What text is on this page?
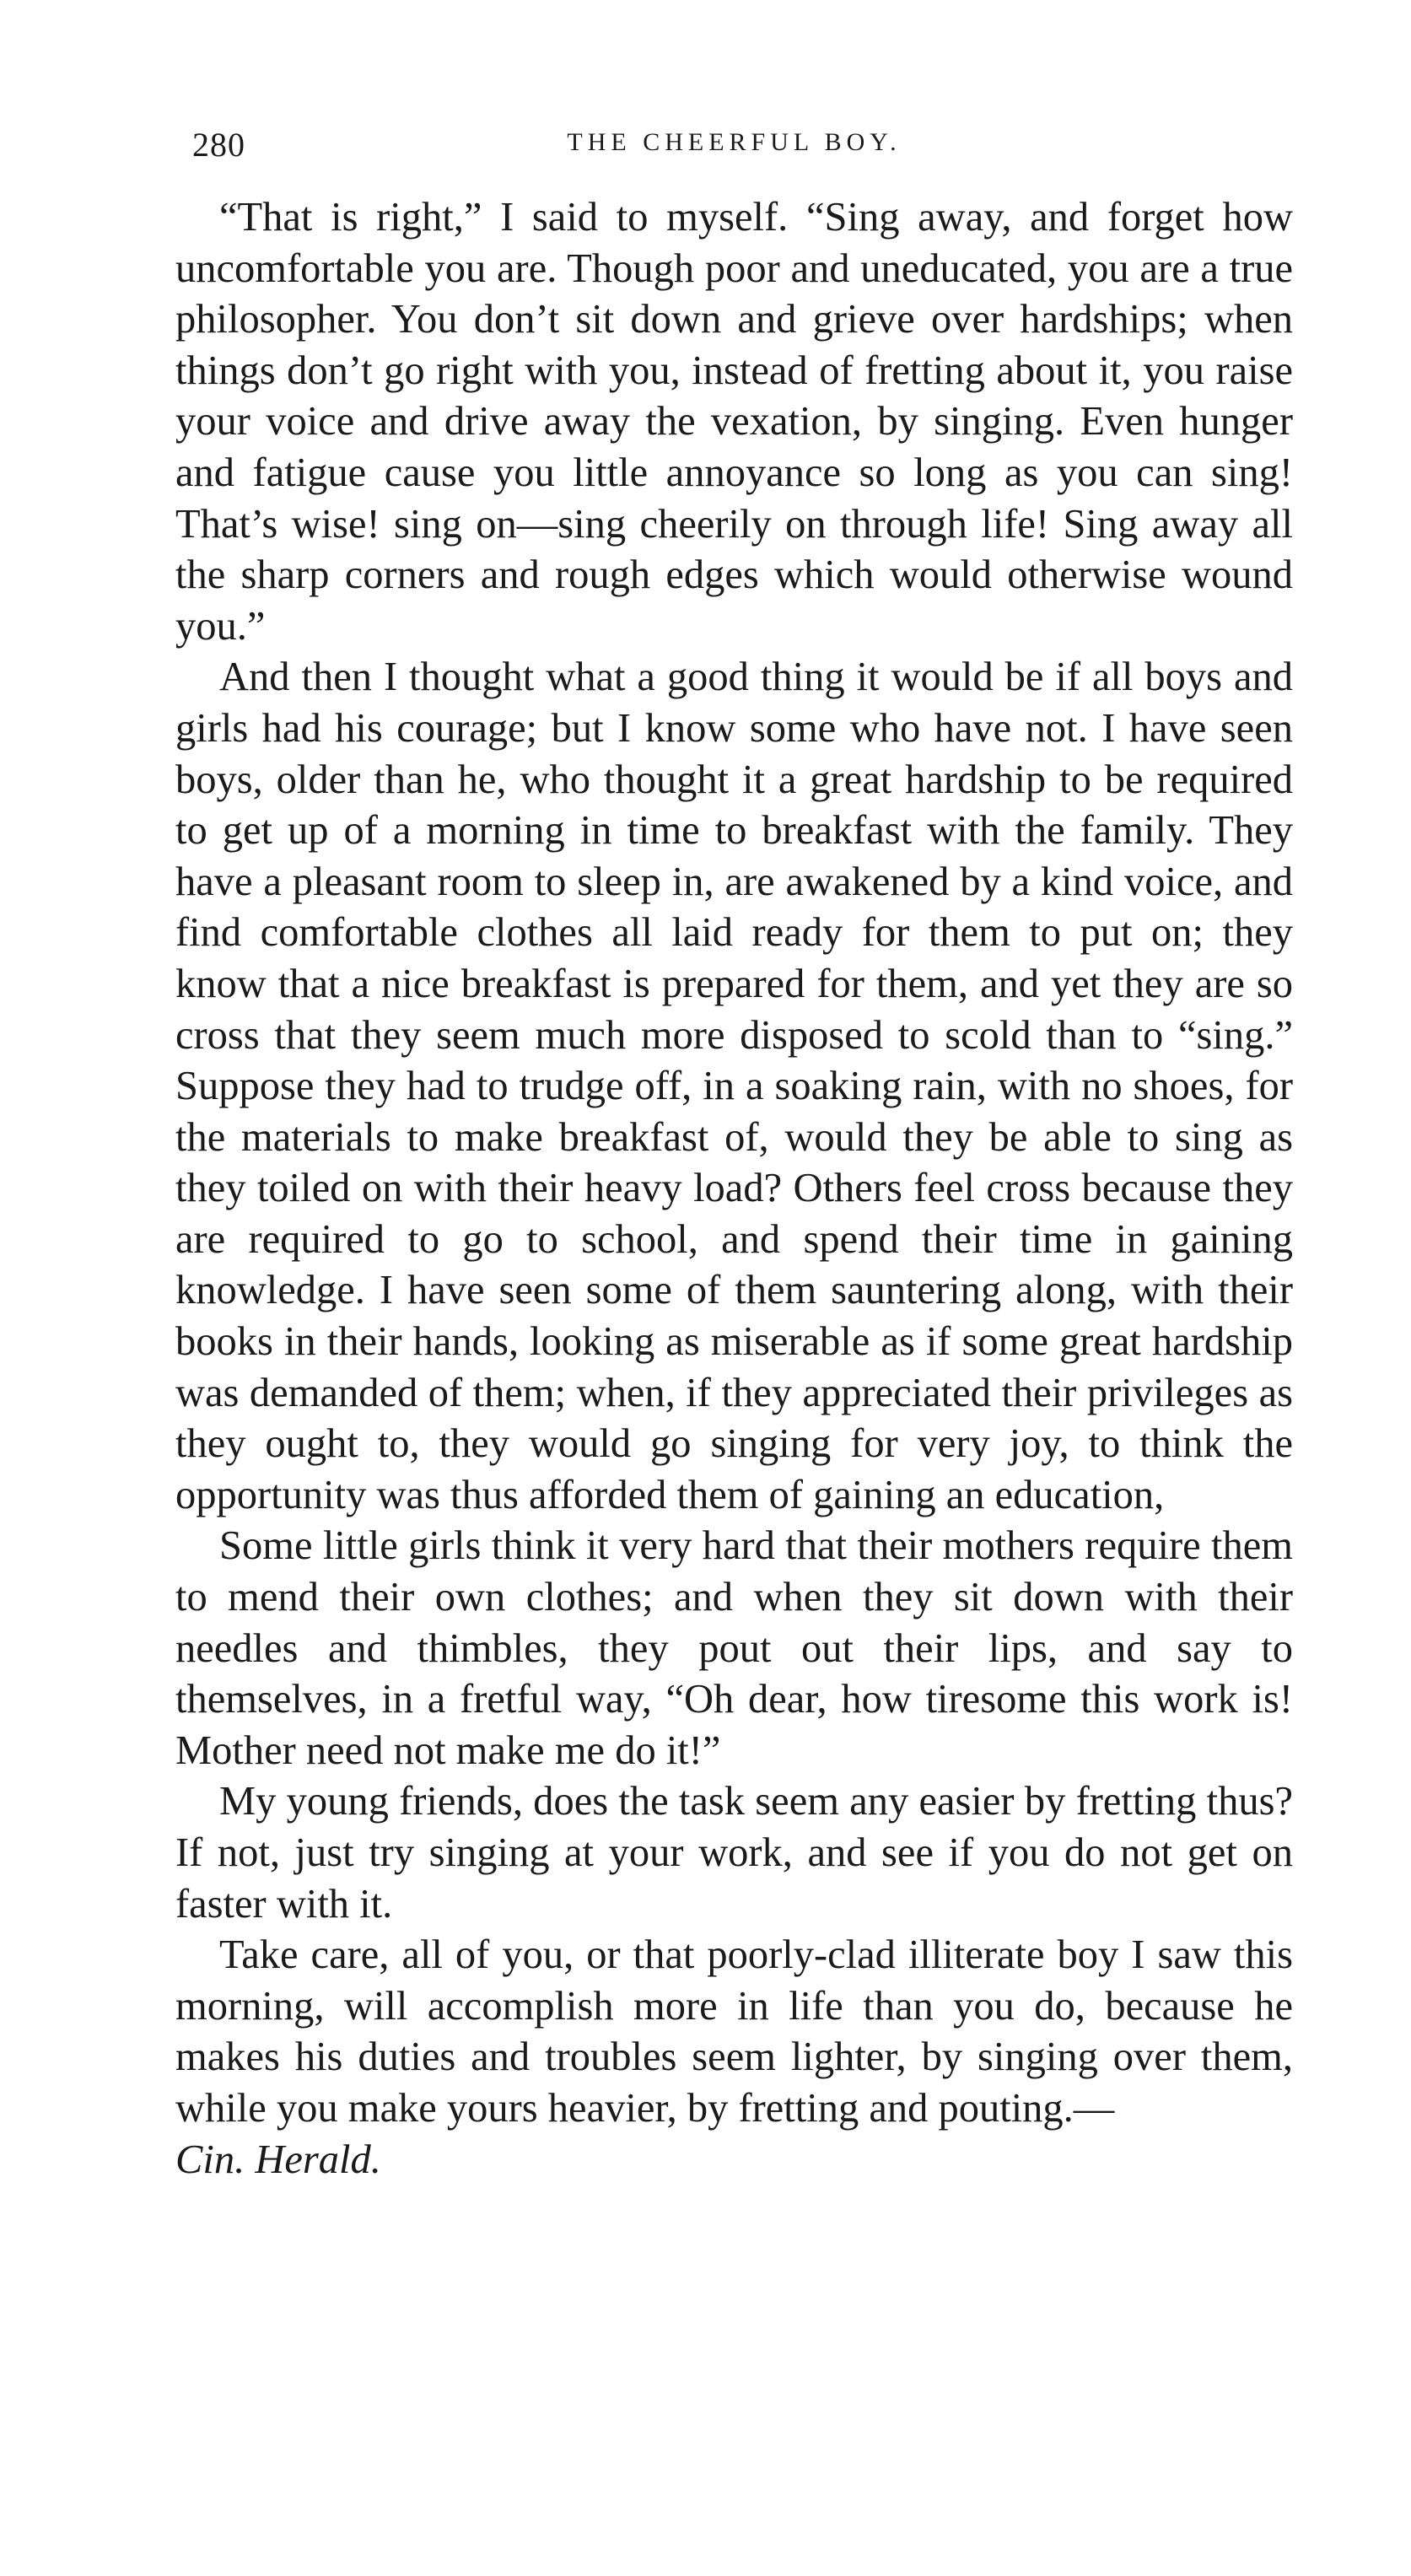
280	THE CHEERFUL BOY.

“That is right,” I said to myself. “Sing away, and forget how uncomfortable you are. Though poor and uneducated, you are a true philosopher. You don’t sit down and grieve over hardships; when things don’t go right with you, instead of fretting about it, you raise your voice and drive away the vexation, by singing. Even hunger and fatigue cause you little annoyance so long as you can sing! That’s wise! sing on—sing cheerily on through life! Sing away all the sharp corners and rough edges which would otherwise wound you.”

And then I thought what a good thing it would be if all boys and girls had his courage; but I know some who have not. I have seen boys, older than he, who thought it a great hardship to be required to get up of a morning in time to breakfast with the family. They have a pleasant room to sleep in, are awakened by a kind voice, and find comfortable clothes all laid ready for them to put on; they know that a nice breakfast is prepared for them, and yet they are so cross that they seem much more disposed to scold than to “sing.” Suppose they had to trudge off, in a soaking rain, with no shoes, for the materials to make breakfast of, would they be able to sing as they toiled on with their heavy load? Others feel cross because they are required to go to school, and spend their time in gaining knowledge. I have seen some of them sauntering along, with their books in their hands, looking as miserable as if some great hardship was demanded of them; when, if they appreciated their privileges as they ought to, they would go singing for very joy, to think the opportunity was thus afforded them of gaining an education,

Some little girls think it very hard that their mothers require them to mend their own clothes; and when they sit down with their needles and thimbles, they pout out their lips, and say to themselves, in a fretful way, “Oh dear, how tiresome this work is! Mother need not make me do it!”

My young friends, does the task seem any easier by fretting thus? If not, just try singing at your work, and see if you do not get on faster with it.

Take care, all of you, or that poorly-clad illiterate boy I saw this morning, will accomplish more in life than you do, because he makes his duties and troubles seem lighter, by singing over them, while you make yours heavier, by fretting and pouting.—

Cin. Herald.
